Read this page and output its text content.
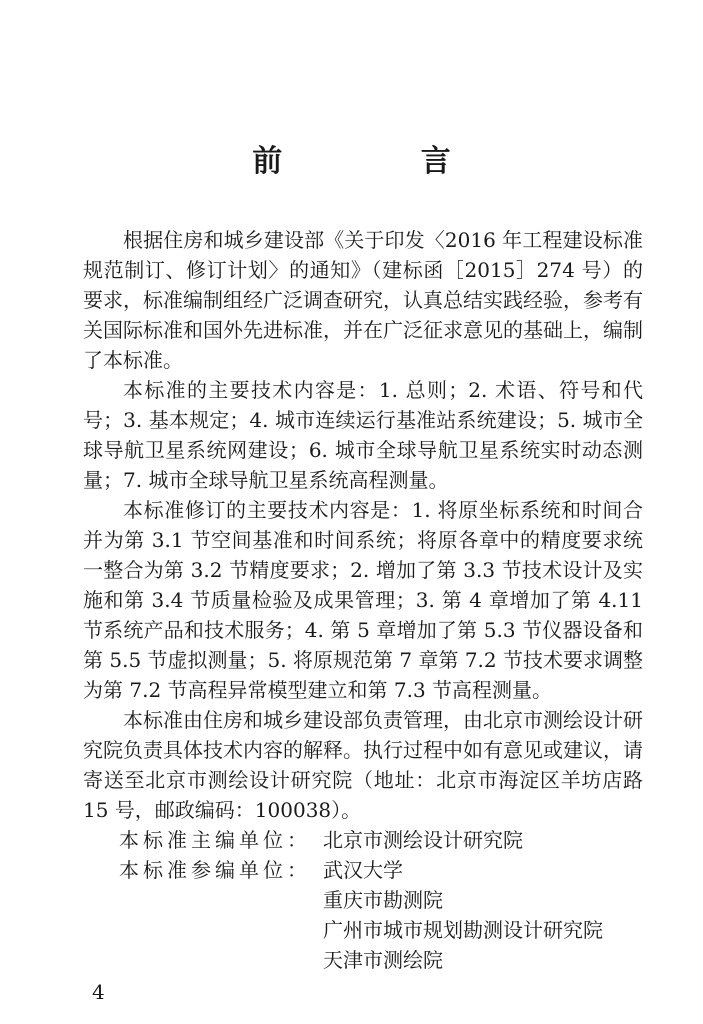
前 言

根据住房和城乡建设部《关于印发〈2016 年工程建设标准规范制订、修订计划〉的通知》（建标函［2015］274 号）的要求，标准编制组经广泛调查研究，认真总结实践经验，参考有关国际标准和国外先进标准，并在广泛征求意见的基础上，编制了本标准。

本标准的主要技术内容是：1. 总则；2. 术语、符号和代号；3. 基本规定；4. 城市连续运行基准站系统建设；5. 城市全球导航卫星系统网建设；6. 城市全球导航卫星系统实时动态测量；7. 城市全球导航卫星系统高程测量。

本标准修订的主要技术内容是：1. 将原坐标系统和时间合并为第 3.1 节空间基准和时间系统；将原各章中的精度要求统一整合为第 3.2 节精度要求；2. 增加了第 3.3 节技术设计及实施和第 3.4 节质量检验及成果管理；3. 第 4 章增加了第 4.11 节系统产品和技术服务；4. 第 5 章增加了第 5.3 节仪器设备和第 5.5 节虚拟测量；5. 将原规范第 7 章第 7.2 节技术要求调整为第 7.2 节高程异常模型建立和第 7.3 节高程测量。

本标准由住房和城乡建设部负责管理，由北京市测绘设计研究院负责具体技术内容的解释。执行过程中如有意见或建议，请寄送至北京市测绘设计研究院（地址：北京市海淀区羊坊店路 15 号，邮政编码：100038）。

本标准主编单位： 北京市测绘设计研究院
本标准参编单位： 武汉大学
重庆市勘测院
广州市城市规划勘测设计研究院
天津市测绘院
4
